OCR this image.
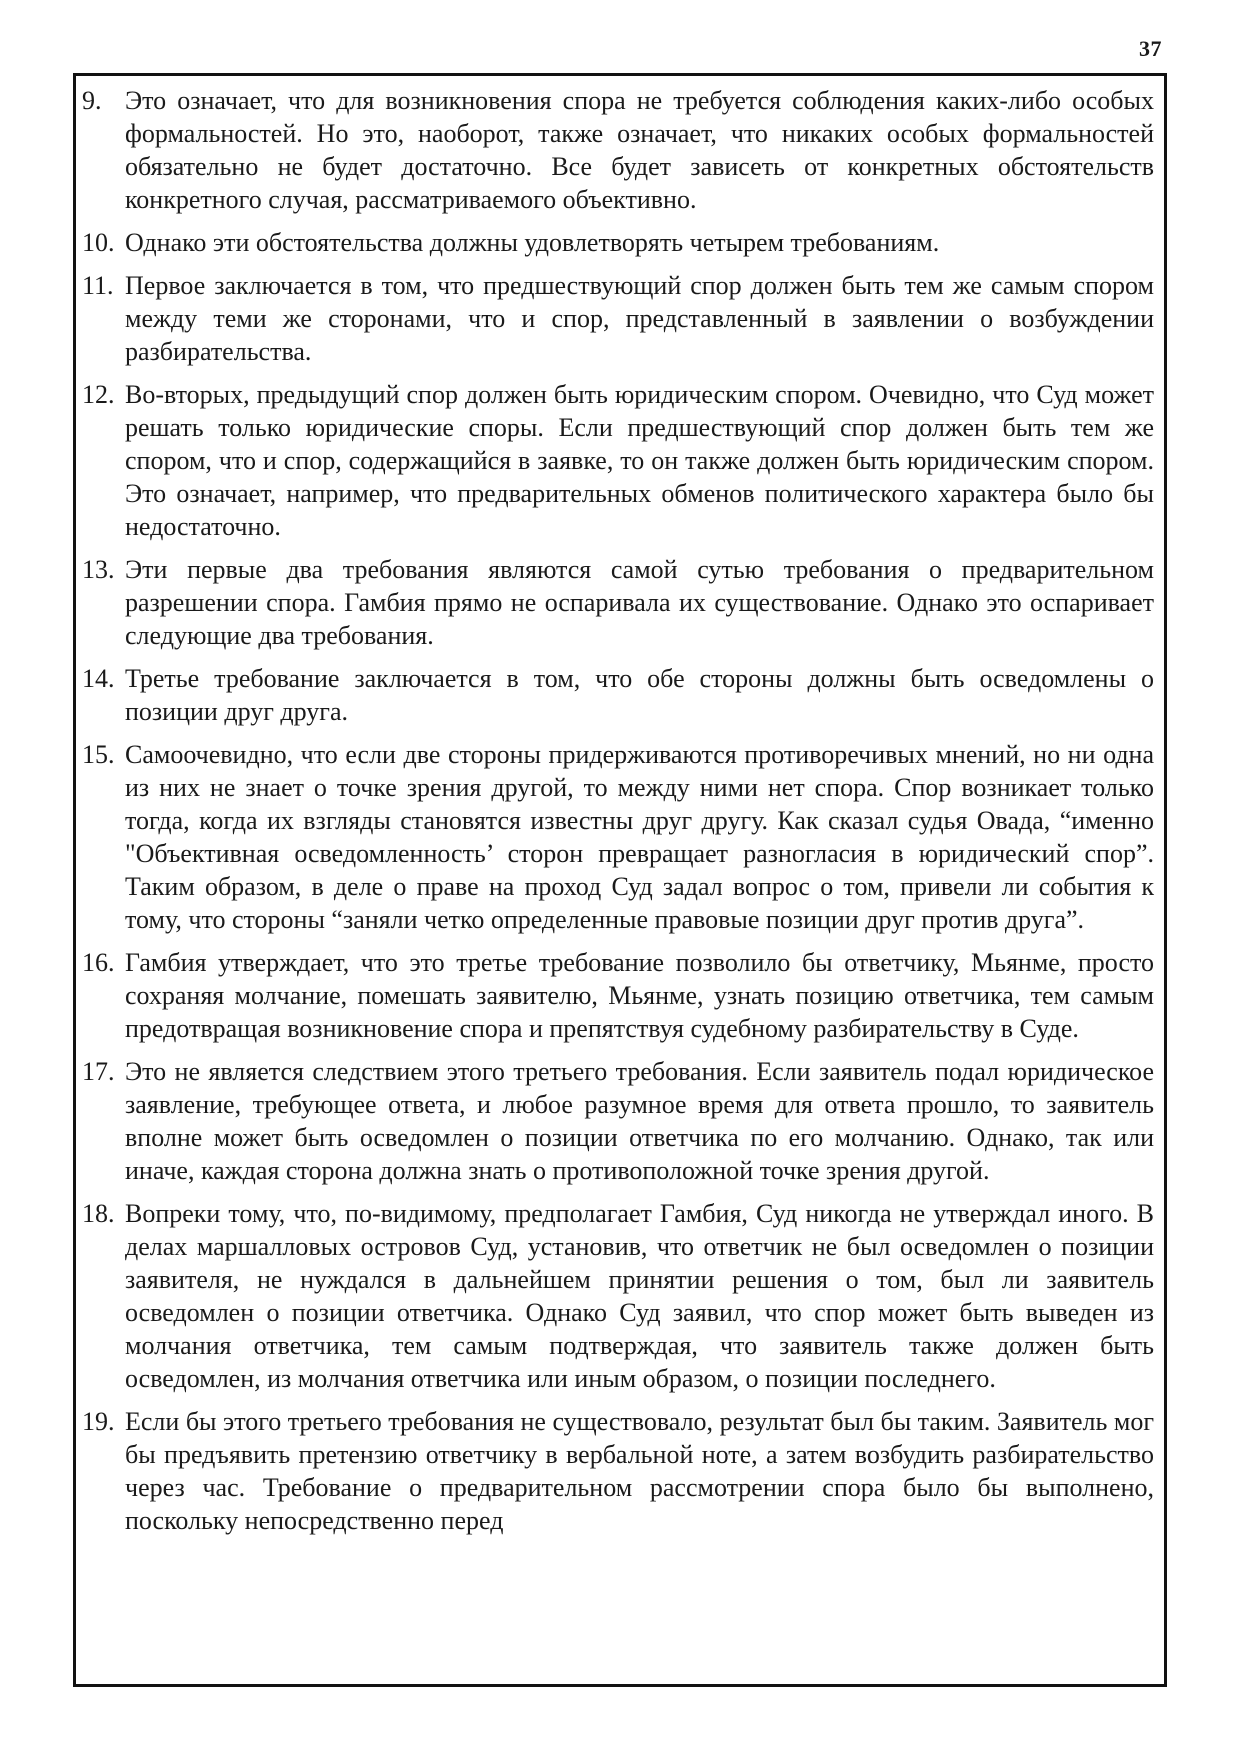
37
9. Это означает, что для возникновения спора не требуется соблюдения каких-либо особых формальностей. Но это, наоборот, также означает, что никаких особых формальностей обязательно не будет достаточно. Все будет зависеть от конкретных обстоятельств конкретного случая, рассматриваемого объективно.
10. Однако эти обстоятельства должны удовлетворять четырем требованиям.
11. Первое заключается в том, что предшествующий спор должен быть тем же самым спором между теми же сторонами, что и спор, представленный в заявлении о возбуждении разбирательства.
12. Во-вторых, предыдущий спор должен быть юридическим спором. Очевидно, что Суд может решать только юридические споры. Если предшествующий спор должен быть тем же спором, что и спор, содержащийся в заявке, то он также должен быть юридическим спором. Это означает, например, что предварительных обменов политического характера было бы недостаточно.
13. Эти первые два требования являются самой сутью требования о предварительном разрешении спора. Гамбия прямо не оспаривала их существование. Однако это оспаривает следующие два требования.
14. Третье требование заключается в том, что обе стороны должны быть осведомлены о позиции друг друга.
15. Самоочевидно, что если две стороны придерживаются противоречивых мнений, но ни одна из них не знает о точке зрения другой, то между ними нет спора. Спор возникает только тогда, когда их взгляды становятся известны друг другу. Как сказал судья Овада, “именно "Объективная осведомленность’ сторон превращает разногласия в юридический спор”. Таким образом, в деле о праве на проход Суд задал вопрос о том, привели ли события к тому, что стороны “заняли четко определенные правовые позиции друг против друга”.
16. Гамбия утверждает, что это третье требование позволило бы ответчику, Мьянме, просто сохраняя молчание, помешать заявителю, Мьянме, узнать позицию ответчика, тем самым предотвращая возникновение спора и препятствуя судебному разбирательству в Суде.
17. Это не является следствием этого третьего требования. Если заявитель подал юридическое заявление, требующее ответа, и любое разумное время для ответа прошло, то заявитель вполне может быть осведомлен о позиции ответчика по его молчанию. Однако, так или иначе, каждая сторона должна знать о противоположной точке зрения другой.
18. Вопреки тому, что, по-видимому, предполагает Гамбия, Суд никогда не утверждал иного. В делах маршалловых островов Суд, установив, что ответчик не был осведомлен о позиции заявителя, не нуждался в дальнейшем принятии решения о том, был ли заявитель осведомлен о позиции ответчика. Однако Суд заявил, что спор может быть выведен из молчания ответчика, тем самым подтверждая, что заявитель также должен быть осведомлен, из молчания ответчика или иным образом, о позиции последнего.
19. Если бы этого третьего требования не существовало, результат был бы таким. Заявитель мог бы предъявить претензию ответчику в вербальной ноте, а затем возбудить разбирательство через час. Требование о предварительном рассмотрении спора было бы выполнено, поскольку непосредственно перед
